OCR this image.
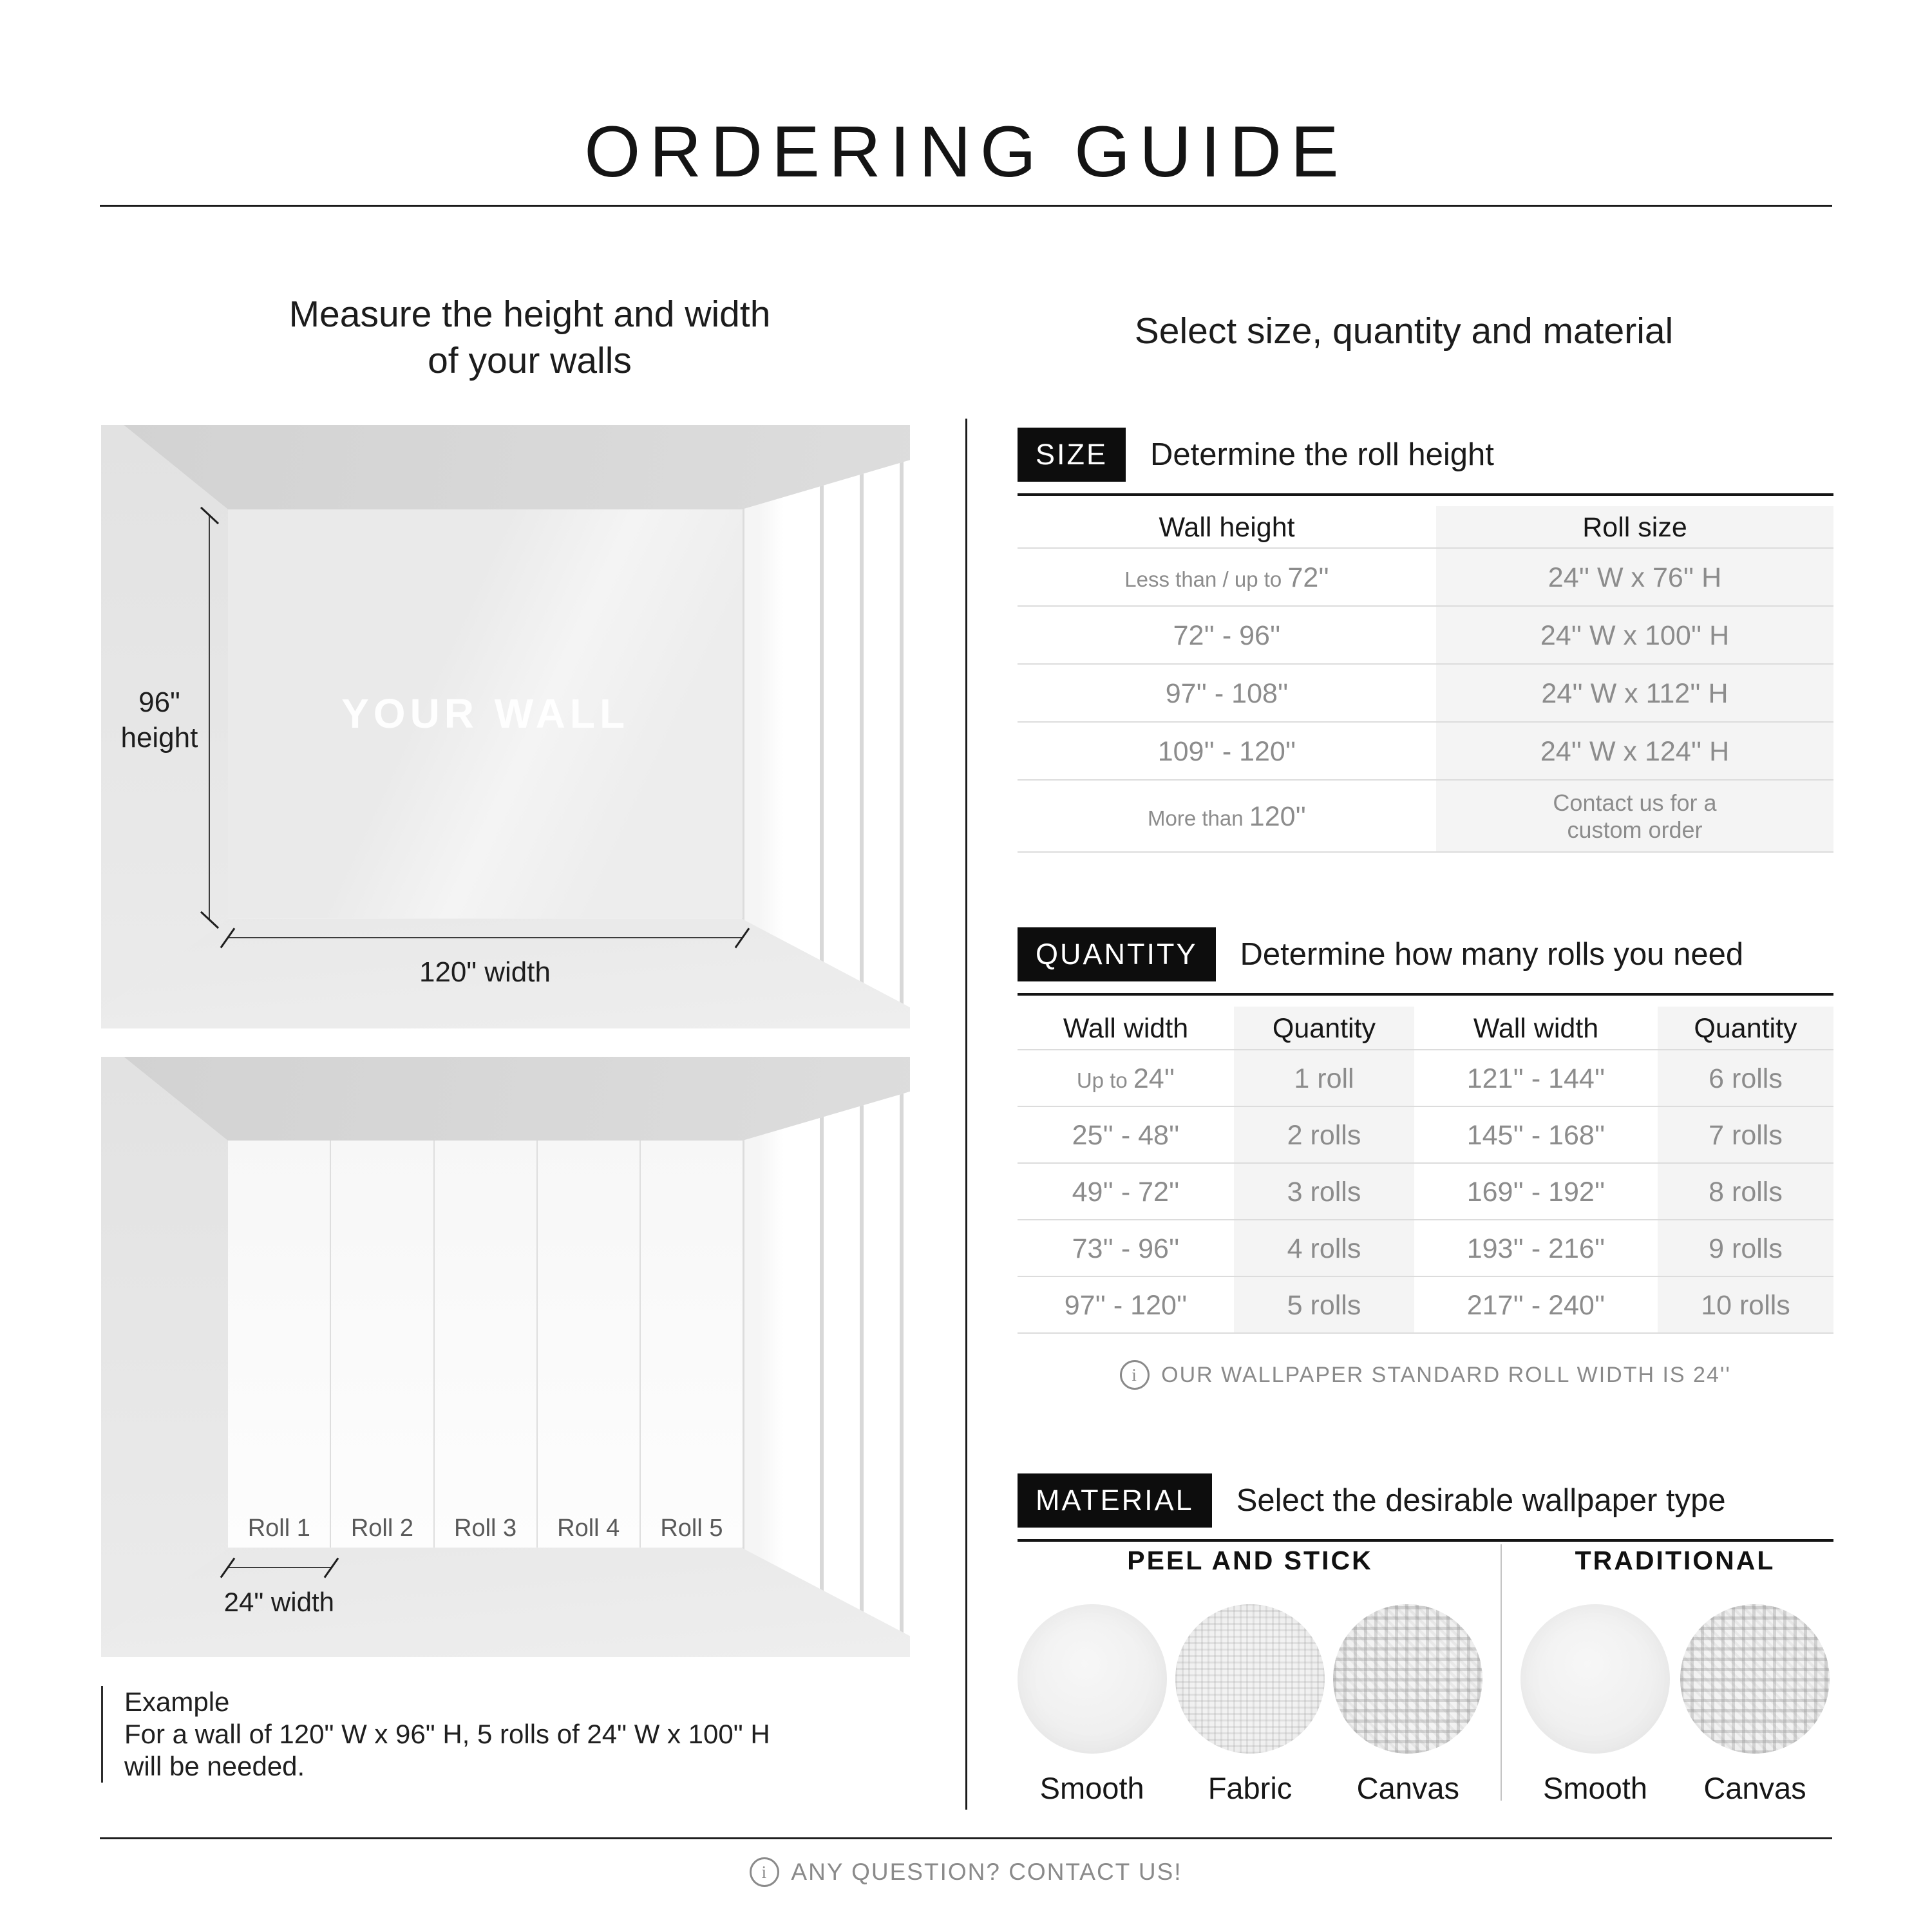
ORDERING GUIDE
Measure the height and width
of your walls
YOUR WALL
96"
height
120" width
Roll 1	Roll 2	Roll 3	Roll 4	Roll 5
24" width
Example
For a wall of 120" W x 96" H, 5 rolls of 24" W x 100" H
will be needed.
Select size, quantity and material
SIZE	Determine the roll height
Wall height	Roll size
Less than / up to 72''	24'' W x 76'' H
72'' - 96''	24'' W x 100'' H
97'' - 108''	24'' W x 112'' H
109'' - 120''	24'' W x 124'' H
More than 120''	Contact us for a
custom order
QUANTITY	Determine how many rolls you need
Wall width	Quantity	Wall width	Quantity
Up to 24''	1 roll	121'' - 144''	6 rolls
25'' - 48''	2 rolls	145'' - 168''	7 rolls
49'' - 72''	3 rolls	169'' - 192''	8 rolls
73'' - 96''	4 rolls	193'' - 216''	9 rolls
97'' - 120''	5 rolls	217'' - 240''	10 rolls
i
OUR WALLPAPER STANDARD ROLL WIDTH IS 24''
MATERIAL	Select the desirable wallpaper type
PEEL AND STICK
Smooth Fabric Canvas
TRADITIONAL
Smooth Canvas
i
ANY QUESTION? CONTACT US!
